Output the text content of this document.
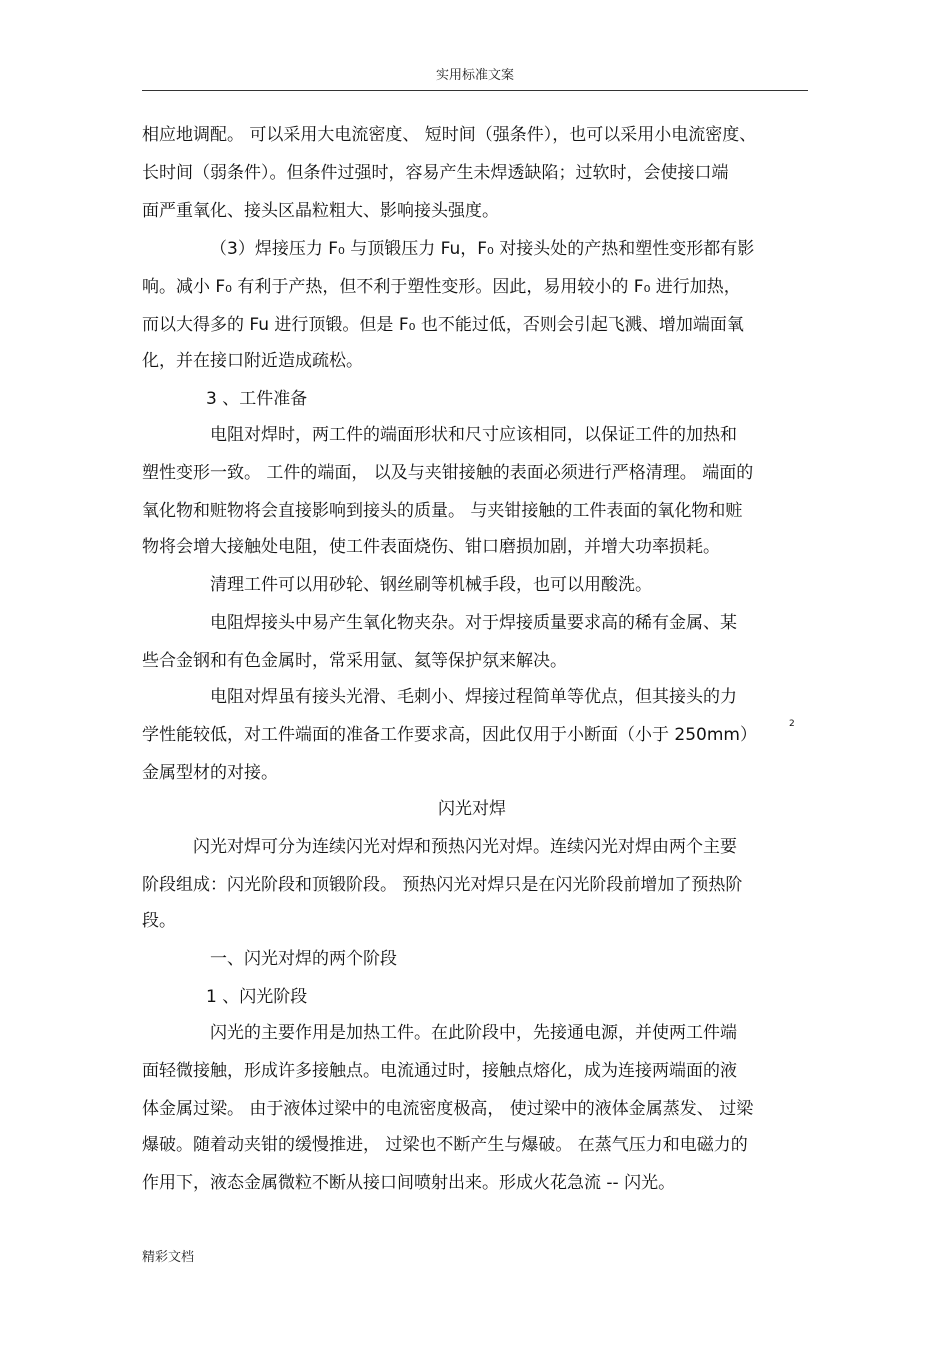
实用标准文案
相应地调配。 可以采用大电流密度、 短时间（强条件），也可以采用小电流密度、
长时间（弱条件）。但条件过强时，容易产生未焊透缺陷；过软时，会使接口端
面严重氧化、接头区晶粒粗大、影响接头强度。
（3）焊接压力 F₀ 与顶锻压力 Fu，F₀ 对接头处的产热和塑性变形都有影
响。减小 F₀ 有利于产热，但不利于塑性变形。因此，易用较小的 F₀ 进行加热，
而以大得多的 Fu 进行顶锻。但是 F₀ 也不能过低，否则会引起飞溅、增加端面氧
化，并在接口附近造成疏松。
3 、工件准备
电阻对焊时，两工件的端面形状和尺寸应该相同，以保证工件的加热和
塑性变形一致。 工件的端面， 以及与夹钳接触的表面必须进行严格清理。 端面的
氧化物和赃物将会直接影响到接头的质量。 与夹钳接触的工件表面的氧化物和赃
物将会增大接触处电阻，使工件表面烧伤、钳口磨损加剧，并增大功率损耗。
清理工件可以用砂轮、钢丝刷等机械手段，也可以用酸洗。
电阻焊接头中易产生氧化物夹杂。对于焊接质量要求高的稀有金属、某
些合金钢和有色金属时，常采用氩、氦等保护氛来解决。
电阻对焊虽有接头光滑、毛刺小、焊接过程简单等优点，但其接头的力
学性能较低，对工件端面的准备工作要求高，因此仅用于小断面（小于 250mm）
2
金属型材的对接。
闪光对焊
闪光对焊可分为连续闪光对焊和预热闪光对焊。连续闪光对焊由两个主要
阶段组成：闪光阶段和顶锻阶段。 预热闪光对焊只是在闪光阶段前增加了预热阶
段。
一、闪光对焊的两个阶段
1 、闪光阶段
闪光的主要作用是加热工件。在此阶段中，先接通电源，并使两工件端
面轻微接触，形成许多接触点。电流通过时，接触点熔化，成为连接两端面的液
体金属过梁。 由于液体过梁中的电流密度极高， 使过梁中的液体金属蒸发、 过梁
爆破。随着动夹钳的缓慢推进， 过梁也不断产生与爆破。 在蒸气压力和电磁力的
作用下，液态金属微粒不断从接口间喷射出来。形成火花急流 -- 闪光。
精彩文档
